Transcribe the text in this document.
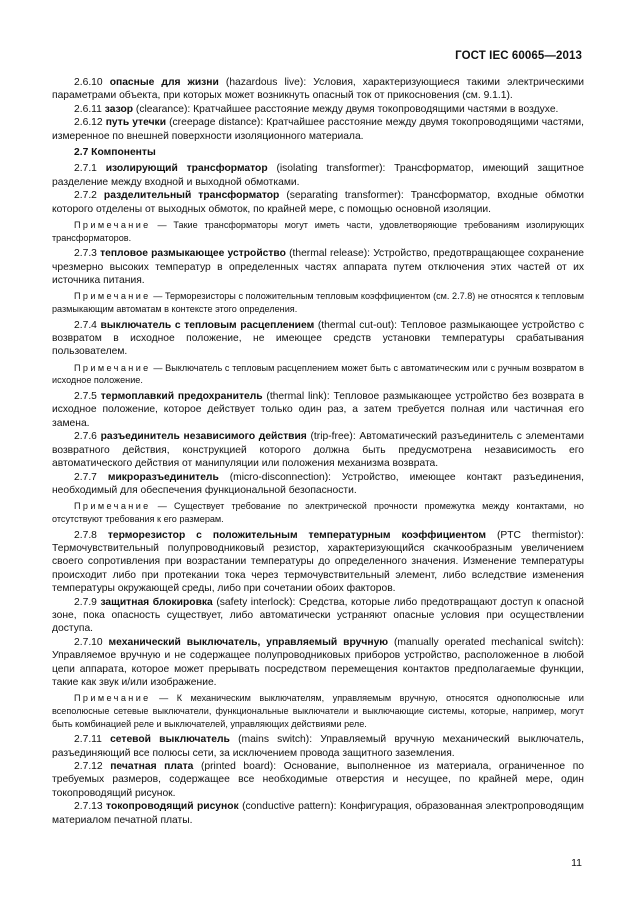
ГОСТ IEC 60065—2013

2.6.10 опасные для жизни (hazardous live): Условия, характеризующиеся такими электрическими параметрами объекта, при которых может возникнуть опасный ток от прикосновения (см. 9.1.1).

2.6.11 зазор (clearance): Кратчайшее расстояние между двумя токопроводящими частями в воздухе.

2.6.12 путь утечки (creepage distance): Кратчайшее расстояние между двумя токопроводящими частями, измеренное по внешней поверхности изоляционного материала.

2.7 Компоненты

2.7.1 изолирующий трансформатор (isolating transformer): Трансформатор, имеющий защитное разделение между входной и выходной обмотками.

2.7.2 разделительный трансформатор (separating transformer): Трансформатор, входные обмотки которого отделены от выходных обмоток, по крайней мере, с помощью основной изоляции.

Примечание — Такие трансформаторы могут иметь части, удовлетворяющие требованиям изолирующих трансформаторов.

2.7.3 тепловое размыкающее устройство (thermal release): Устройство, предотвращающее сохранение чрезмерно высоких температур в определенных частях аппарата путем отключения этих частей от их источника питания.

Примечание — Терморезисторы с положительным тепловым коэффициентом (см. 2.7.8) не относятся к тепловым размыкающим автоматам в контексте этого определения.

2.7.4 выключатель с тепловым расцеплением (thermal cut-out): Тепловое размыкающее устройство с возвратом в исходное положение, не имеющее средств установки температуры срабатывания пользователем.

Примечание — Выключатель с тепловым расцеплением может быть с автоматическим или с ручным возвратом в исходное положение.

2.7.5 термоплавкий предохранитель (thermal link): Тепловое размыкающее устройство без возврата в исходное положение, которое действует только один раз, а затем требуется полная или частичная его замена.

2.7.6 разъединитель независимого действия (trip-free): Автоматический разъединитель с элементами возвратного действия, конструкцией которого должна быть предусмотрена независимость его автоматического действия от манипуляции или положения механизма возврата.

2.7.7 микроразъединитель (micro-disconnection): Устройство, имеющее контакт разъединения, необходимый для обеспечения функциональной безопасности.

Примечание — Существует требование по электрической прочности промежутка между контактами, но отсутствуют требования к его размерам.

2.7.8 терморезистор с положительным температурным коэффициентом (PTC thermistor): Термочувствительный полупроводниковый резистор, характеризующийся скачкообразным увеличением своего сопротивления при возрастании температуры до определенного значения. Изменение температуры происходит либо при протекании тока через термочувствительный элемент, либо вследствие изменения температуры окружающей среды, либо при сочетании обоих факторов.

2.7.9 защитная блокировка (safety interlock): Средства, которые либо предотвращают доступ к опасной зоне, пока опасность существует, либо автоматически устраняют опасные условия при осуществлении доступа.

2.7.10 механический выключатель, управляемый вручную (manually operated mechanical switch): Управляемое вручную и не содержащее полупроводниковых приборов устройство, расположенное в любой цепи аппарата, которое может прерывать посредством перемещения контактов предполагаемые функции, такие как звук и/или изображение.

Примечание — К механическим выключателям, управляемым вручную, относятся однополюсные или всеполюсные сетевые выключатели, функциональные выключатели и выключающие системы, которые, например, могут быть комбинацией реле и выключателей, управляющих действиями реле.

2.7.11 сетевой выключатель (mains switch): Управляемый вручную механический выключатель, разъединяющий все полюсы сети, за исключением провода защитного заземления.

2.7.12 печатная плата (printed board): Основание, выполненное из материала, ограниченное по требуемых размеров, содержащее все необходимые отверстия и несущее, по крайней мере, один токопроводящий рисунок.

2.7.13 токопроводящий рисунок (conductive pattern): Конфигурация, образованная электропроводящим материалом печатной платы.

11
